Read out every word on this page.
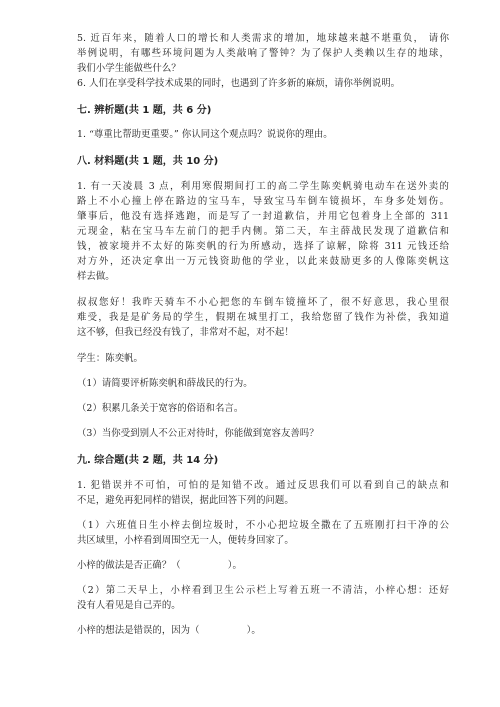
5. 近百年来，随着人口的增长和人类需求的增加，地球越来越不堪重负， 请你
举例说明，有哪些环境问题为人类敲响了警钟？为了保护人类赖以生存的地球，
我们小学生能做些什么？
6. 人们在享受科学技术成果的同时，也遇到了许多新的麻烦，请你举例说明。
七. 辨析题(共 1 题，共 6 分)
1. “尊重比帮助更重要。” 你认同这个观点吗？说说你的理由。
八. 材料题(共 1 题，共 10 分)
1. 有一天凌晨 3 点，利用寒假期间打工的高二学生陈奕帆骑电动车在送外卖的
路上不小心撞上停在路边的宝马车，导致宝马车倒车镜损坏，车身多处划伤。
肇事后，他没有选择逃跑，而是写了一封道歉信，并用它包着身上全部的 311
元现金，粘在宝马车左前门的把手内侧。第二天，车主薛战民发现了道歉信和
钱，被家境并不太好的陈奕帆的行为所感动，选择了谅解，除将 311 元钱还给
对方外，还决定拿出一万元钱资助他的学业，以此来鼓励更多的人像陈奕帆这
样去做。
叔叔您好！我昨天骑车不小心把您的车倒车镜撞坏了，很不好意思，我心里很
难受，我是是矿务局的学生，假期在城里打工，我给您留了钱作为补偿，我知道
这不够，但我已经没有钱了，非常对不起，对不起！
学生：陈奕帆。
（1）请简要评析陈奕帆和薛战民的行为。
（2）积累几条关于宽容的俗语和名言。
（3）当你受到别人不公正对待时，你能做到宽容友善吗？
九. 综合题(共 2 题，共 14 分)
1. 犯错误并不可怕，可怕的是知错不改。通过反思我们可以看到自己的缺点和
不足，避免再犯同样的错误，据此回答下列的问题。
（1）六班值日生小梓去倒垃圾时，不小心把垃圾全撒在了五班刚打扫干净的公
共区域里，小梓看到周围空无一人，便转身回家了。
小梓的做法是否正确？（　　　　　）。
（2）第二天早上，小梓看到卫生公示栏上写着五班一不清洁，小梓心想：还好
没有人看见是自己弄的。
小梓的想法是错误的，因为（　　　　　）。
